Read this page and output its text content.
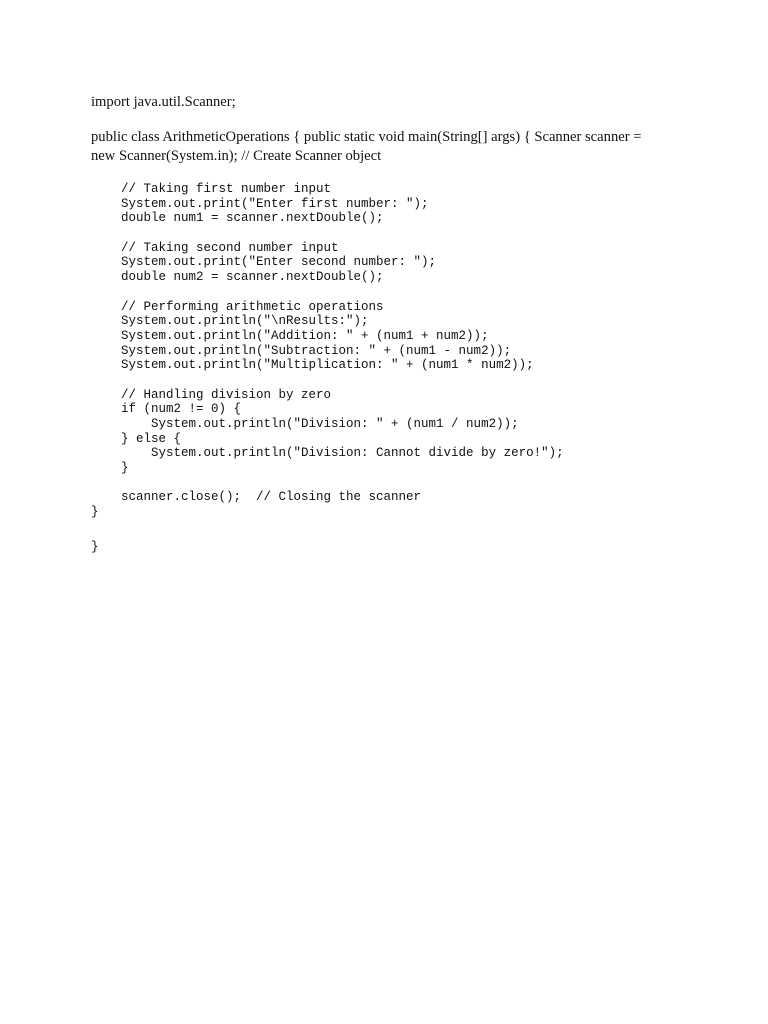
import java.util.Scanner;

public class ArithmeticOperations { public static void main(String[] args) { Scanner scanner =

new Scanner(System.in); // Create Scanner object

// Taking first number input
System.out.print("Enter first number: ");
double num1 = scanner.nextDouble();
// Taking second number input
System.out.print("Enter second number: ");
double num2 = scanner.nextDouble();
// Performing arithmetic operations
System.out.println("\nResults:");
System.out.println("Addition: " + (num1 + num2));
System.out.println("Subtraction: " + (num1 - num2));
System.out.println("Multiplication: " + (num1 * num2));
// Handling division by zero
if (num2 != 0) {
System.out.println("Division: " + (num1 / num2));
} else {
System.out.println("Division: Cannot divide by zero!");
}
scanner.close();  // Closing the scanner
}
}
